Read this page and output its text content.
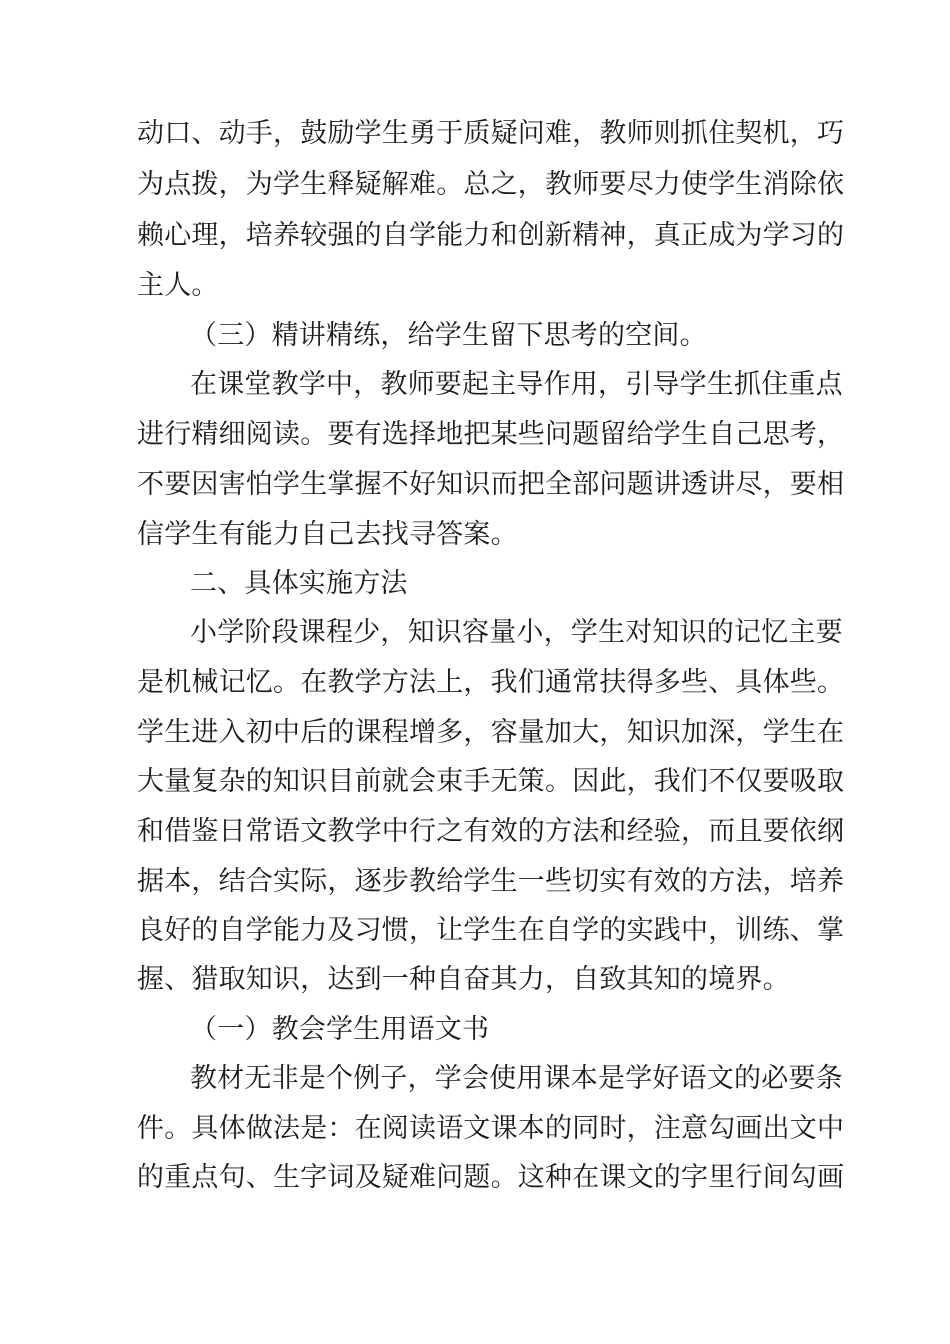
动口、动手，鼓励学生勇于质疑问难，教师则抓住契机，巧
为点拨，为学生释疑解难。总之，教师要尽力使学生消除依
赖心理，培养较强的自学能力和创新精神，真正成为学习的
主人。
（三）精讲精练，给学生留下思考的空间。
在课堂教学中，教师要起主导作用，引导学生抓住重点
进行精细阅读。要有选择地把某些问题留给学生自己思考，
不要因害怕学生掌握不好知识而把全部问题讲透讲尽，要相
信学生有能力自己去找寻答案。
二、具体实施方法
小学阶段课程少，知识容量小，学生对知识的记忆主要
是机械记忆。在教学方法上，我们通常扶得多些、具体些。
学生进入初中后的课程增多，容量加大，知识加深，学生在
大量复杂的知识目前就会束手无策。因此，我们不仅要吸取
和借鉴日常语文教学中行之有效的方法和经验，而且要依纲
据本，结合实际，逐步教给学生一些切实有效的方法，培养
良好的自学能力及习惯，让学生在自学的实践中，训练、掌
握、猎取知识，达到一种自奋其力，自致其知的境界。
（一）教会学生用语文书
教材无非是个例子，学会使用课本是学好语文的必要条
件。具体做法是：在阅读语文课本的同时，注意勾画出文中
的重点句、生字词及疑难问题。这种在课文的字里行间勾画
